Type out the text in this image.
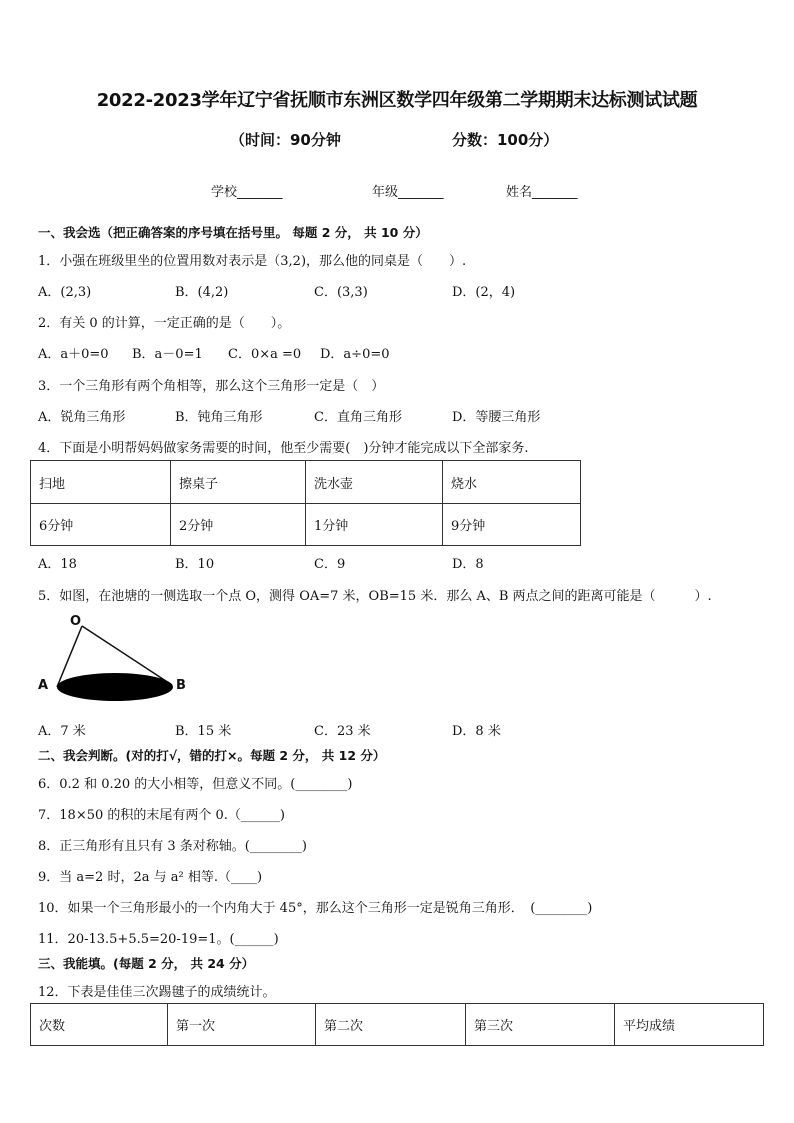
2022-2023学年辽宁省抚顺市东洲区数学四年级第二学期期末达标测试试题
（时间：90分钟	分数：100分）
学校_______	年级_______	姓名_______
一、我会选（把正确答案的序号填在括号里。 每题 2 分， 共 10 分）
1．小强在班级里坐的位置用数对表示是（3,2)，那么他的同桌是（　　）.
A．(2,3)	B．(4,2)	C．(3,3)	D．(2，4)
2．有关 0 的计算，一定正确的是（　　）。
A．a＋0=0 B．a－0=1 C．0×a =0 D．a÷0=0
3．一个三角形有两个角相等，那么这个三角形一定是（　）
A．锐角三角形	B．钝角三角形	C．直角三角形	D．等腰三角形
4．下面是小明帮妈妈做家务需要的时间，他至少需要(　)分钟才能完成以下全部家务.
扫地	擦桌子	洗水壶	烧水
6分钟	2分钟	1分钟	9分钟
A．18	B．10	C．9	D．8
5．如图，在池塘的一侧选取一个点 O，测得 OA=7 米，OB=15 米．那么 A、B 两点之间的距离可能是（　　　）.
O
A	B
A．7 米	B．15 米	C．23 米	D．8 米
二、我会判断。(对的打√，错的打×。每题 2 分， 共 12 分）
6．0.2 和 0.20 的大小相等，但意义不同。(________)
7．18×50 的积的末尾有两个 0.（______)
8．正三角形有且只有 3 条对称轴。(________)
9．当 a=2 时，2a 与 a² 相等.（____)
10．如果一个三角形最小的一个内角大于 45°，那么这个三角形一定是锐角三角形．　(________)
11．20-13.5+5.5=20-19=1。(______)
三、我能填。(每题 2 分， 共 24 分）
12．下表是佳佳三次踢毽子的成绩统计。
次数	第一次	第二次	第三次	平均成绩
